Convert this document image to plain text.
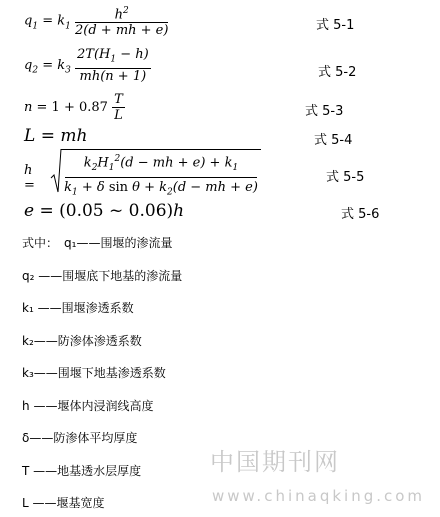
$q_1 = k_1 \frac{h^2}{2(d + mh + e)}$	式 5-1
$q_2 = k_3 \frac{2T(H_1 - h)}{mh(n + 1)}$	式 5-2
$n = 1 + 0.87 \frac{T}{L}$	式 5-3
L = mh	式 5-4
h =
$k_2H_1^2(d$ − mh + $e) + k_1$
$k_1 + \delta$ $\sin \theta + k_2(d$ − mh + e)
式 5-5
e = (0.05 ~ 0.06)h	式 5-6
式中： q₁——围堰的渗流量
q₂ ——围堰底下地基的渗流量
k₁ ——围堰渗透系数
k₂——防渗体渗透系数
k₃——围堰下地基渗透系数
h ——堰体内浸润线高度
δ——防渗体平均厚度
T ——地基透水层厚度
L ——堰基宽度
中国期刊网
www.chinaqking.com
